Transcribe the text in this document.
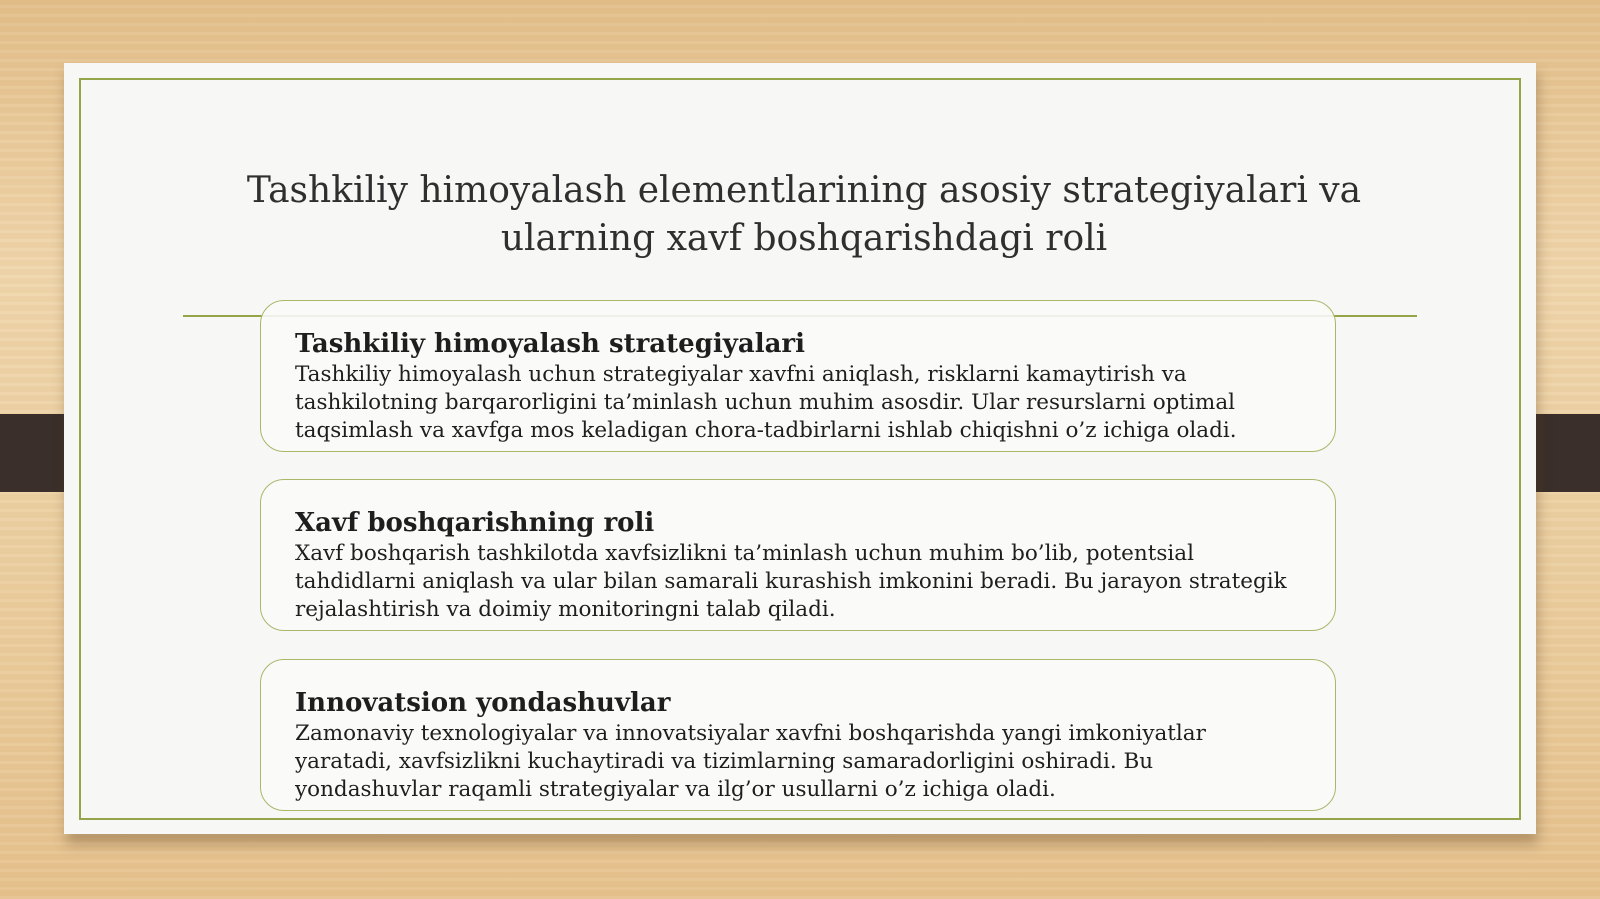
Tashkiliy himoyalash elementlarining asosiy strategiyalari va ularning xavf boshqarishdagi roli
Tashkiliy himoyalash strategiyalari

Tashkiliy himoyalash uchun strategiyalar xavfni aniqlash, risklarni kamaytirish va tashkilotning barqarorligini ta’minlash uchun muhim asosdir. Ular resurslarni optimal taqsimlash va xavfga mos keladigan chora-tadbirlarni ishlab chiqishni o’z ichiga oladi.

Xavf boshqarishning roli

Xavf boshqarish tashkilotda xavfsizlikni ta’minlash uchun muhim bo’lib, potentsial tahdidlarni aniqlash va ular bilan samarali kurashish imkonini beradi. Bu jarayon strategik rejalashtirish va doimiy monitoringni talab qiladi.

Innovatsion yondashuvlar

Zamonaviy texnologiyalar va innovatsiyalar xavfni boshqarishda yangi imkoniyatlar yaratadi, xavfsizlikni kuchaytiradi va tizimlarning samaradorligini oshiradi. Bu yondashuvlar raqamli strategiyalar va ilg’or usullarni o’z ichiga oladi.
